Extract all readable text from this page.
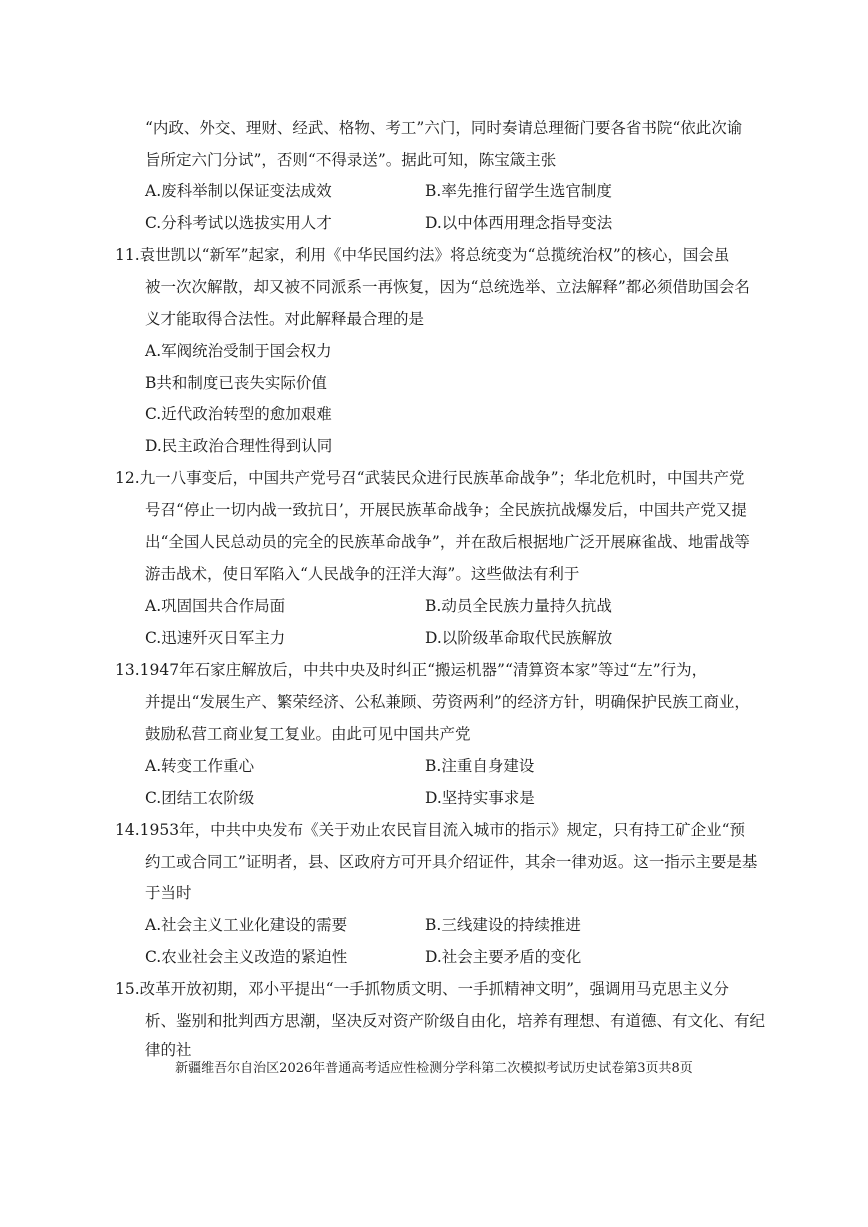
“内政、外交、理财、经武、格物、考工”六门，同时奏请总理衙门要各省书院“依此次谕
旨所定六门分试”，否则“不得录送”。据此可知，陈宝箴主张
A.废科举制以保证变法成效	B.率先推行留学生选官制度
C.分科考试以选拔实用人才	D.以中体西用理念指导变法
11.袁世凯以“新军”起家，利用《中华民国约法》将总统变为“总揽统治权”的核心，国会虽
被一次次解散，却又被不同派系一再恢复，因为“总统选举、立法解释”都必须借助国会名
义才能取得合法性。对此解释最合理的是
A.军阀统治受制于国会权力
B共和制度已丧失实际价值
C.近代政治转型的愈加艰难
D.民主政治合理性得到认同
12.九一八事变后，中国共产党号召“武装民众进行民族革命战争”；华北危机时，中国共产党
号召“停止一切内战一致抗日’，开展民族革命战争；全民族抗战爆发后，中国共产党又提
出“全国人民总动员的完全的民族革命战争”，并在敌后根据地广泛开展麻雀战、地雷战等
游击战术，使日军陷入“人民战争的汪洋大海”。这些做法有利于
A.巩固国共合作局面	B.动员全民族力量持久抗战
C.迅速歼灭日军主力	D.以阶级革命取代民族解放
13.1947年石家庄解放后，中共中央及时纠正“搬运机器”“清算资本家”等过“左”行为，
并提出“发展生产、繁荣经济、公私兼顾、劳资两利”的经济方针，明确保护民族工商业，
鼓励私营工商业复工复业。由此可见中国共产党
A.转变工作重心	B.注重自身建设
C.团结工农阶级	D.坚持实事求是
14.1953年，中共中央发布《关于劝止农民盲目流入城市的指示》规定，只有持工矿企业“预
约工或合同工”证明者，县、区政府方可开具介绍证件，其余一律劝返。这一指示主要是基
于当时
A.社会主义工业化建设的需要	B.三线建设的持续推进
C.农业社会主义改造的紧迫性	D.社会主要矛盾的变化
15.改革开放初期，邓小平提出“一手抓物质文明、一手抓精神文明”，强调用马克思主义分
析、鉴别和批判西方思潮，坚决反对资产阶级自由化，培养有理想、有道德、有文化、有纪
律的社
新疆维吾尔自治区2026年普通高考适应性检测分学科第二次模拟考试历史试卷第3页共8页
